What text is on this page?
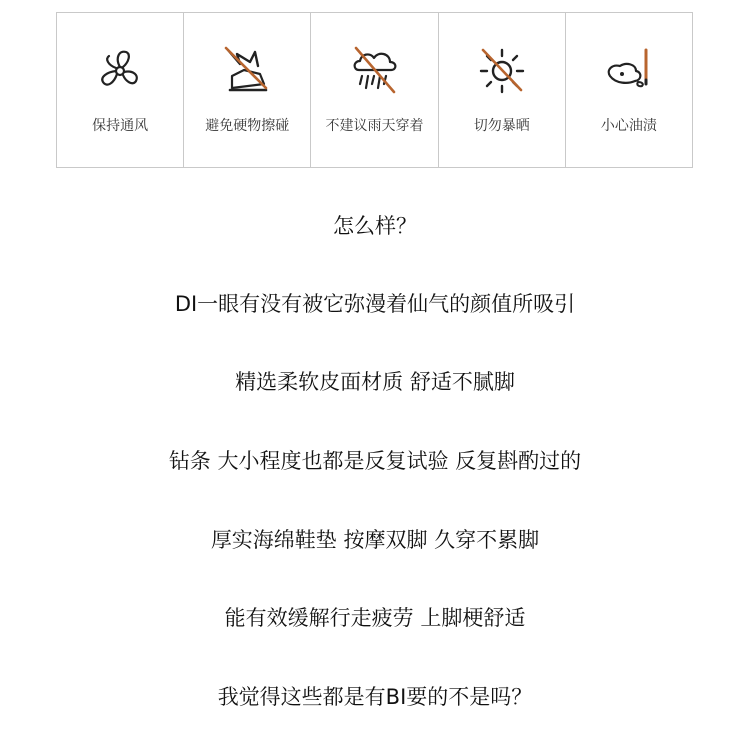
保持通风	避免硬物擦碰	不建议雨天穿着	切勿暴晒	小心油渍
怎么样？
DI一眼有没有被它弥漫着仙气的颜值所吸引
精选柔软皮面材质 舒适不腻脚
钻条 大小程度也都是反复试验 反复斟酌过的
厚实海绵鞋垫 按摩双脚 久穿不累脚
能有效缓解行走疲劳 上脚梗舒适
我觉得这些都是有BI要的不是吗？
